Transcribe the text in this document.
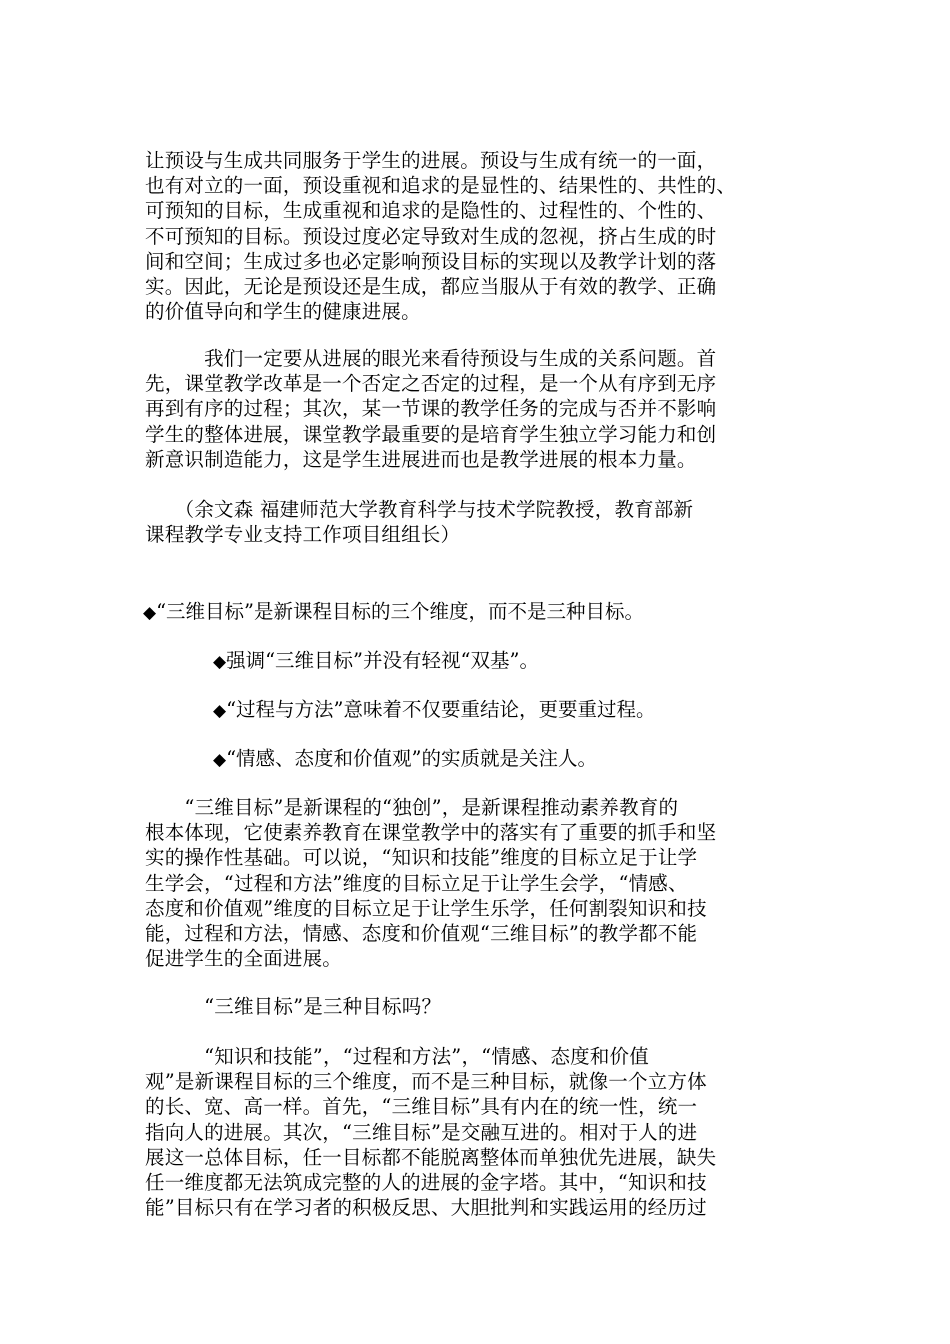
让预设与生成共同服务于学生的进展。预设与生成有统一的一面，
也有对立的一面，预设重视和追求的是显性的、结果性的、共性的、
可预知的目标，生成重视和追求的是隐性的、过程性的、个性的、
不可预知的目标。预设过度必定导致对生成的忽视，挤占生成的时
间和空间；生成过多也必定影响预设目标的实现以及教学计划的落
实。因此，无论是预设还是生成，都应当服从于有效的教学、正确
的价值导向和学生的健康进展。
　　　我们一定要从进展的眼光来看待预设与生成的关系问题。首
先，课堂教学改革是一个否定之否定的过程，是一个从有序到无序
再到有序的过程；其次，某一节课的教学任务的完成与否并不影响
学生的整体进展，课堂教学最重要的是培育学生独立学习能力和创
新意识制造能力，这是学生进展进而也是教学进展的根本力量。
　　（余文森 福建师范大学教育科学与技术学院教授，教育部新
课程教学专业支持工作项目组组长）
◆“三维目标”是新课程目标的三个维度，而不是三种目标。
◆强调“三维目标”并没有轻视“双基”。
◆“过程与方法”意味着不仅要重结论，更要重过程。
◆“情感、态度和价值观”的实质就是关注人。
　　“三维目标”是新课程的“独创”，是新课程推动素养教育的
根本体现，它使素养教育在课堂教学中的落实有了重要的抓手和坚
实的操作性基础。可以说，“知识和技能”维度的目标立足于让学
生学会，“过程和方法”维度的目标立足于让学生会学，“情感、
态度和价值观”维度的目标立足于让学生乐学，任何割裂知识和技
能，过程和方法，情感、态度和价值观“三维目标”的教学都不能
促进学生的全面进展。
　　　“三维目标”是三种目标吗？
　　　“知识和技能”，“过程和方法”，“情感、态度和价值
观”是新课程目标的三个维度，而不是三种目标，就像一个立方体
的长、宽、高一样。首先，“三维目标”具有内在的统一性，统一
指向人的进展。其次，“三维目标”是交融互进的。相对于人的进
展这一总体目标，任一目标都不能脱离整体而单独优先进展，缺失
任一维度都无法筑成完整的人的进展的金字塔。其中，“知识和技
能”目标只有在学习者的积极反思、大胆批判和实践运用的经历过
